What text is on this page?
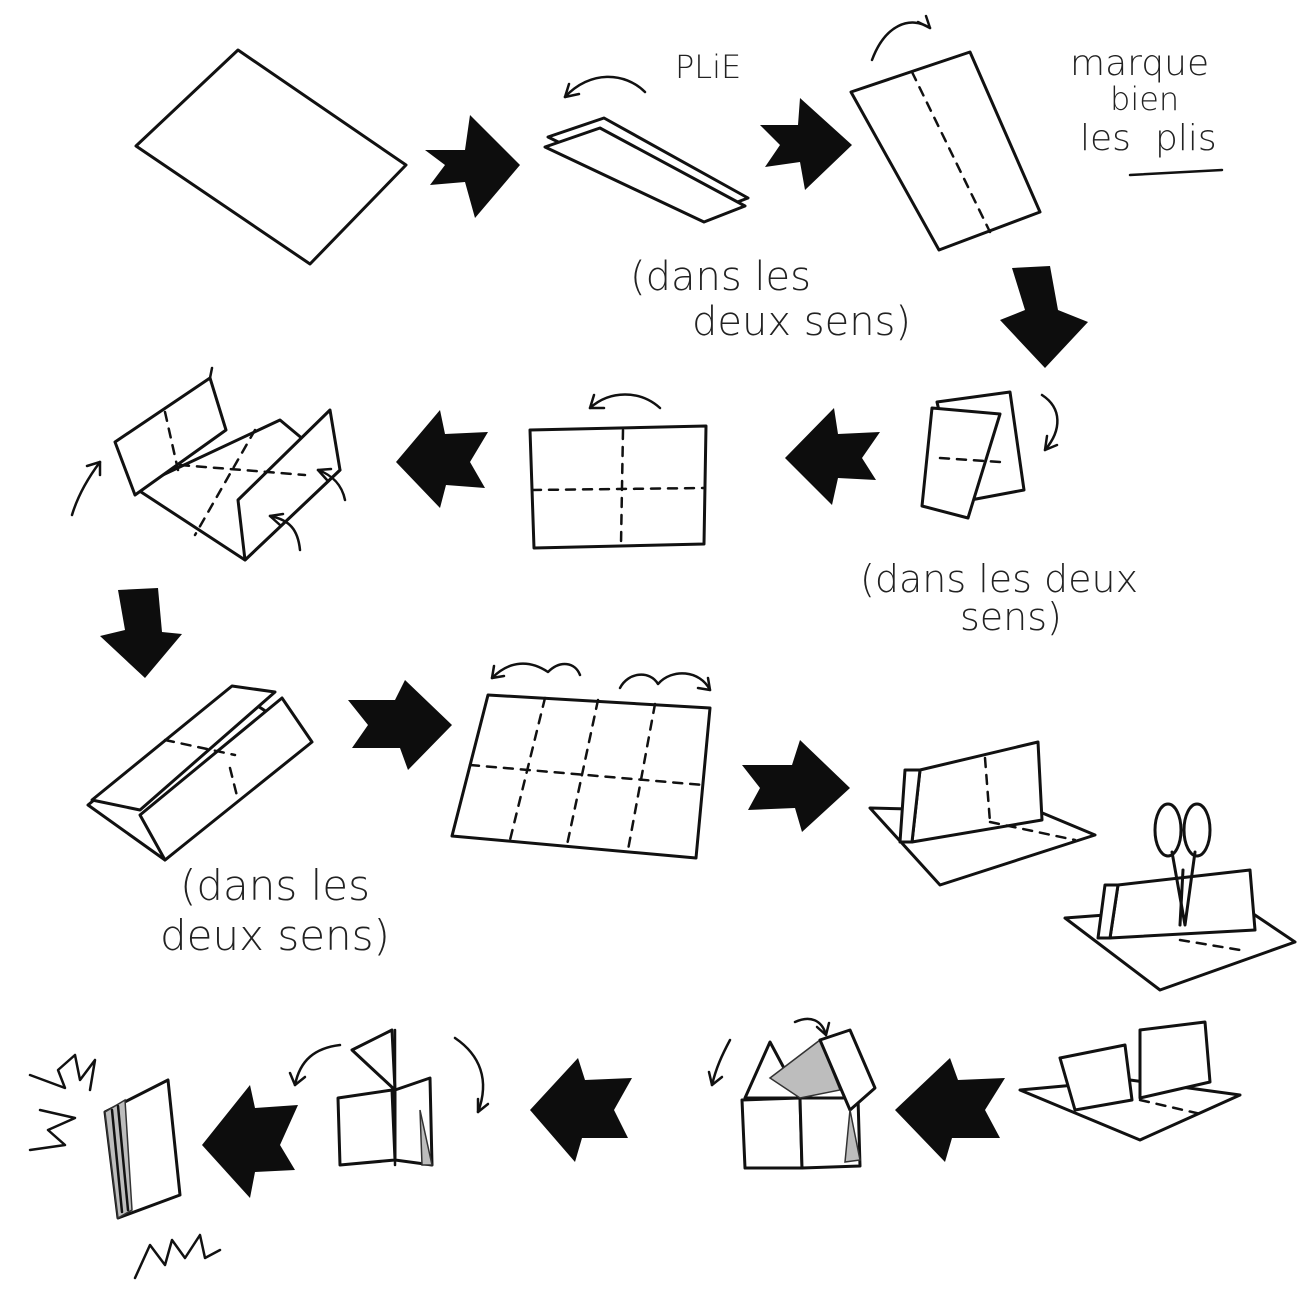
PLiE	marque
bien
les plis
(dans les
deux sens)
(dans les deux
sens)
(dans les
deux sens)
